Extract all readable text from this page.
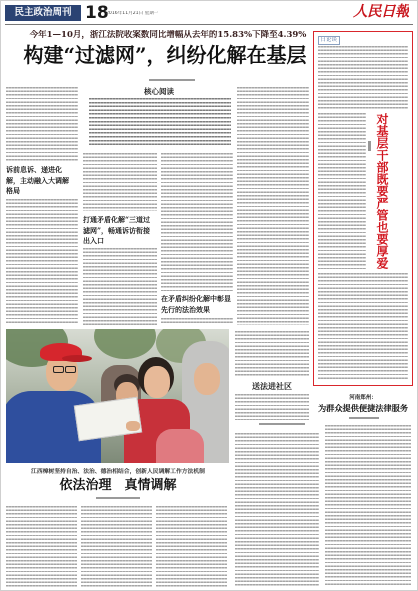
民主政治周刊 18
2016年11月21日 星期一	人民日報
今年1—10月，浙江法院收案数同比增幅从去年的15.83%下降至4.39%
构建“过滤网”，纠纷化解在基层
核心阅读
诉前息诉、递进化解，主动融入大调解格局
打通矛盾化解“三道过滤网”，畅通诉访衔接出入口
在矛盾纠纷化解中彰显先行的法治效果
送法进社区
日论谈
对基层干部既要严管也要厚爱
河南郑州：
为群众提供便捷法律服务
江西樟树坚持自治、法治、德治相结合，创新人民调解工作方法机制
依法治理　真情调解
